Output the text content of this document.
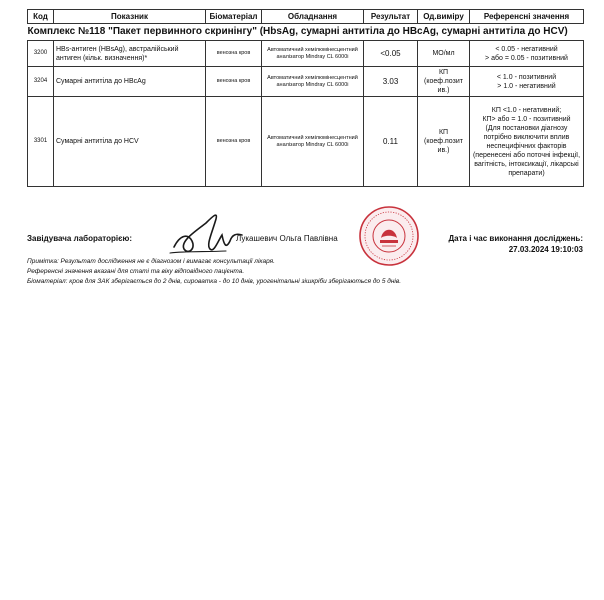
Код	Показник	Біоматеріал	Обладнання	Результат	Од.виміру	Референсні значення
Комплекс №118 "Пакет первинного скринінгу" (HbsAg, сумарні антитіла до HBcAg, сумарні антитіла до HCV)						
3200	HBs-антиген (HBsAg), австралійський антиген (кільк. визначення)*	венозна кров	Автоматичний хемілюмінесцентний аналізатор Mindray CL 6000i	<0.05	МО/мл	< 0.05 - негативний
> або = 0.05 - позитивний
3204	Сумарні антитіла до HBcAg	венозна кров	Автоматичний хемілюмінесцентний аналізатор Mindray CL 6000i	3.03	КП (коеф.позит ив.)	< 1.0 - позитивний
> 1.0 - негативний
3301	Сумарні антитіла до HCV	венозна кров	Автоматичний хемілюмінесцентний аналізатор Mindray CL 6000i	0.11	КП (коеф.позит ив.)	КП <1.0 - негативний;
КП> або = 1.0 - позитивний
(Для постановки діагнозу потрібно виключити вплив неспецифічних факторів (перенесені або поточні інфекції, вагітність, інтоксикації, лікарські препарати)
Завідувача лабораторією:	Лукашевич Ольга Павлівна	Дата і час виконання досліджень:
27.03.2024 19:10:03
Примітка: Результат дослідження не є діагнозом і вимагає консультації лікаря.
Референсні значення вказані для статі та віку відповідного пацієнта.
Біоматеріал: кров для ЗАК зберігається до 2 днів, сироватка - до 10 днів, урогенітальні зішкріби зберігаються до 5 днів.
